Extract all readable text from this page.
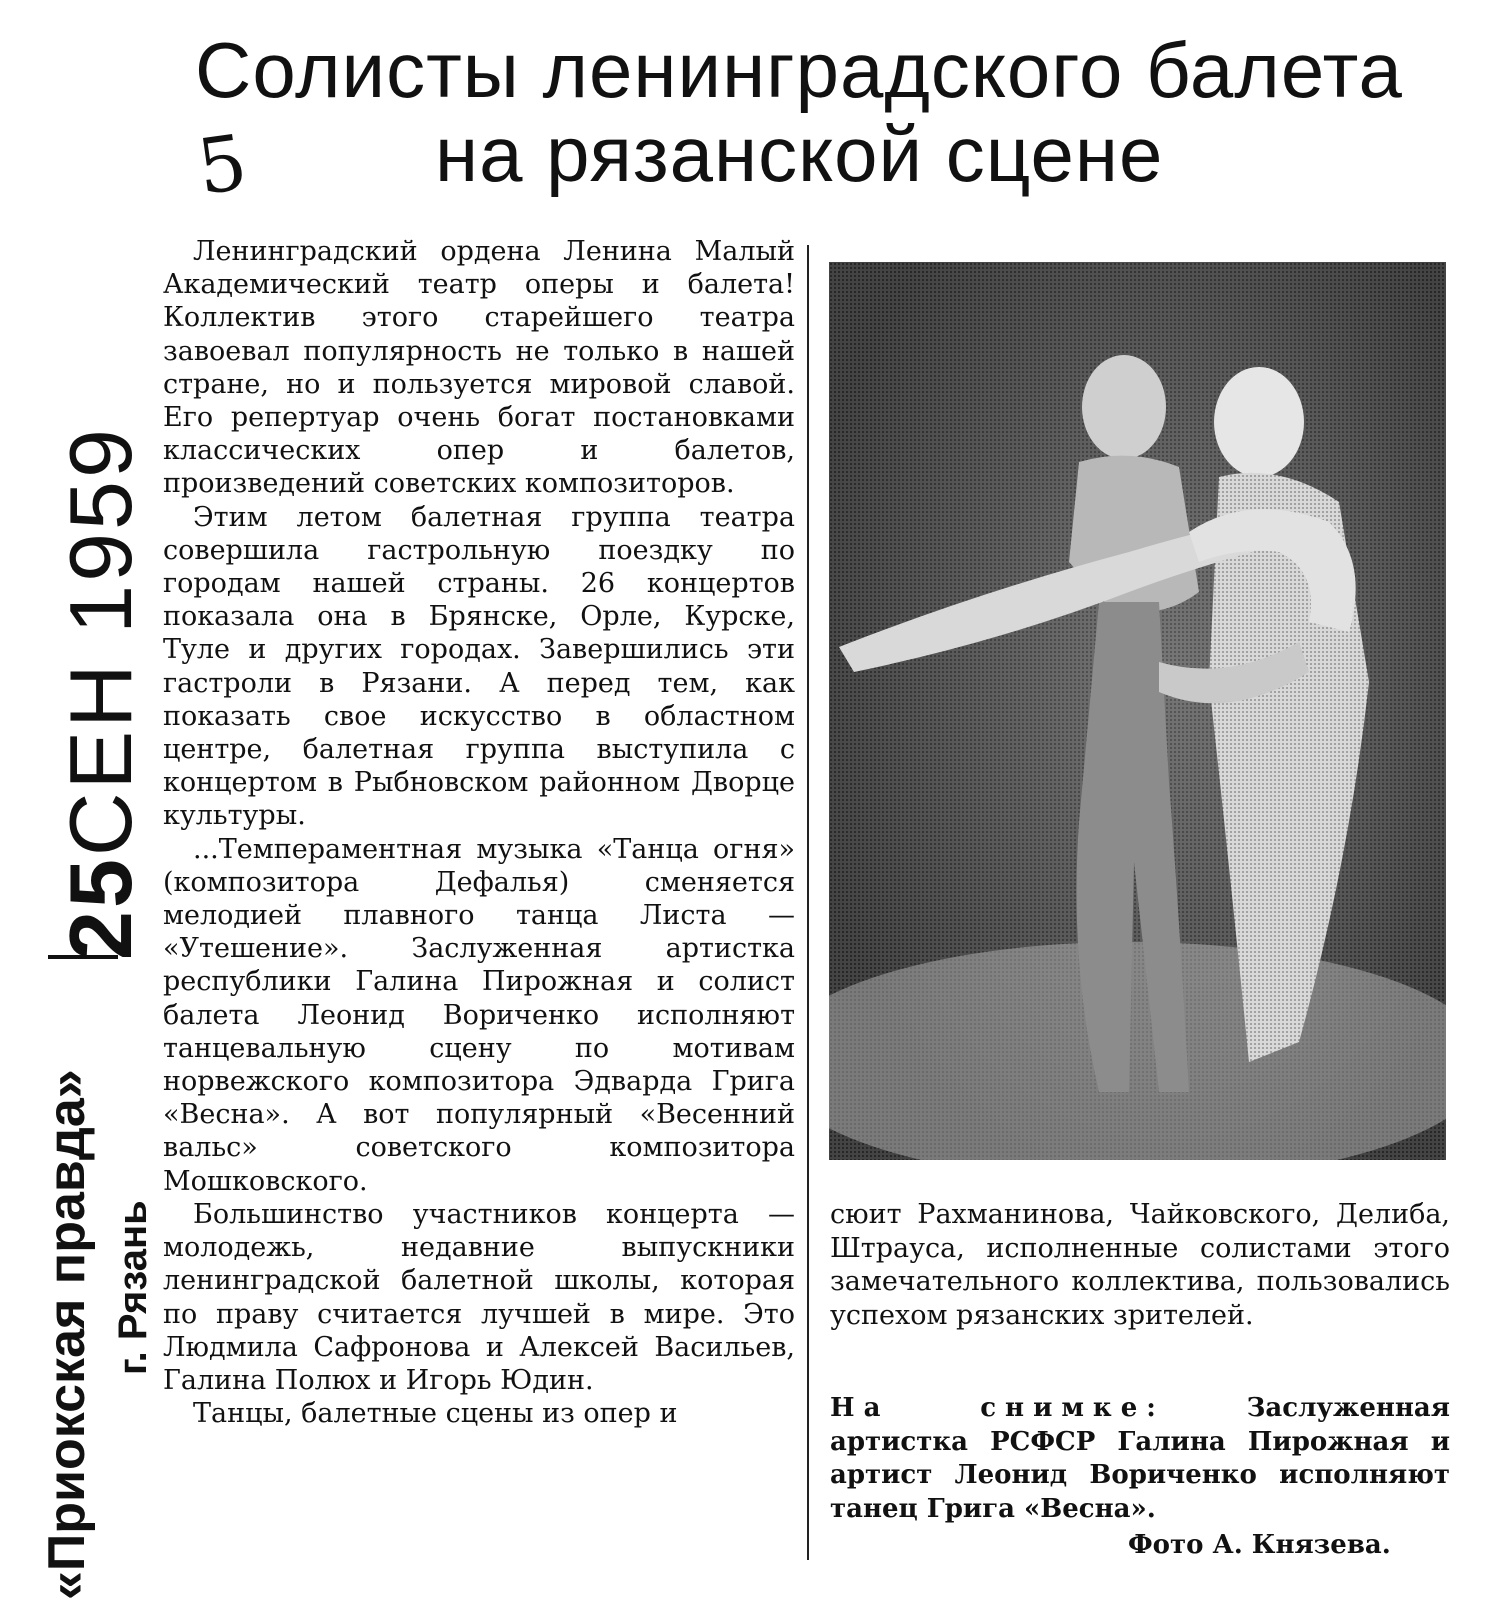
Солисты ленинградского балета
на рязанской сцене
5
25СЕН 1959
«Приокская правда» г. Рязань

Ленинградский ордена Ленина Малый Академический театр оперы и балета! Коллектив этого старейшего театра завоевал популярность не только в нашей стране, но и пользуется мировой славой. Его репертуар очень богат постановками классических опер и балетов, произведений советских композиторов.

Этим летом балетная группа театра совершила гастрольную поездку по городам нашей страны. 26 концертов показала она в Брянске, Орле, Курске, Туле и других городах. Завершились эти гастроли в Рязани. А перед тем, как показать свое искусство в областном центре, балетная группа выступила с концертом в Рыбновском районном Дворце культуры.

...Темпераментная музыка «Танца огня» (композитора Дефалья) сменяется мелодией плавного танца Листа — «Утешение». Заслуженная артистка республики Галина Пирожная и солист балета Леонид Вориченко исполняют танцевальную сцену по мотивам норвежского композитора Эдварда Грига «Весна». А вот популярный «Весенний вальс» советского композитора Мошковского.

Большинство участников концерта — молодежь, недавние выпускники ленинградской балетной школы, которая по праву считается лучшей в мире. Это Людмила Сафронова и Алексей Васильев, Галина Полюх и Игорь Юдин.

Танцы, балетные сцены из опер и

сюит Рахманинова, Чайковского, Делиба, Штрауса, исполненные солистами этого замечательного коллектива, пользовались успехом рязанских зрителей.

На снимке:	Заслуженная артистка РСФСР Галина Пирожная и артист Леонид Вориченко исполняют танец Грига «Весна».
Фото А. Князева.
